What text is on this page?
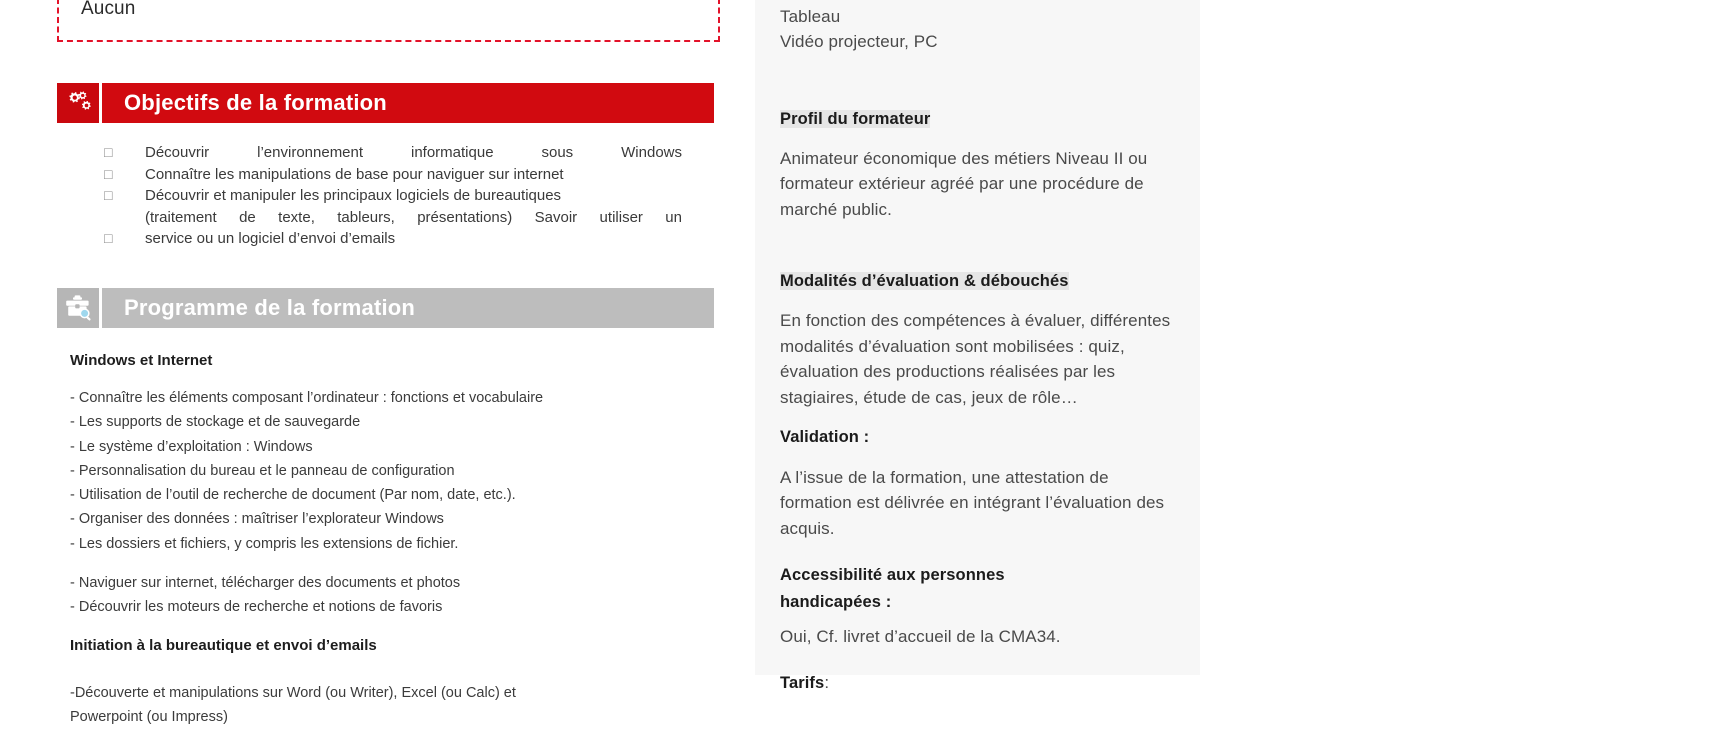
Aucun
Objectifs de la formation
□	Découvrir l’environnement informatique sous Windows
□	Connaître les manipulations de base pour naviguer sur internet
□	Découvrir et manipuler les principaux logiciels de bureautiques
(traitement de texte, tableurs, présentations) Savoir utiliser un
□	service ou un logiciel d’envoi d’emails
Programme de la formation
Windows et Internet
- Connaître les éléments composant l’ordinateur : fonctions et vocabulaire
- Les supports de stockage et de sauvegarde
- Le système d’exploitation : Windows
- Personnalisation du bureau et le panneau de configuration
- Utilisation de l’outil de recherche de document (Par nom, date, etc.).
- Organiser des données : maîtriser l’explorateur Windows
- Les dossiers et fichiers, y compris les extensions de fichier.
- Naviguer sur internet, télécharger des documents et photos
- Découvrir les moteurs de recherche et notions de favoris
Initiation à la bureautique et envoi d’emails
-Découverte et manipulations sur Word (ou Writer), Excel (ou Calc) et
Powerpoint (ou Impress)
Tableau
Vidéo projecteur, PC
Profil du formateur
Animateur économique des métiers Niveau II ou formateur extérieur agréé par une procédure de marché public.
Modalités d’évaluation & débouchés
En fonction des compétences à évaluer, différentes modalités d’évaluation sont mobilisées : quiz, évaluation des productions réalisées par les stagiaires, étude de cas, jeux de rôle…
Validation :
A l’issue de la formation, une attestation de formation est délivrée en intégrant l’évaluation des acquis.
Accessibilité aux personnes
handicapées :
Oui, Cf. livret d’accueil de la CMA34.
Tarifs:
